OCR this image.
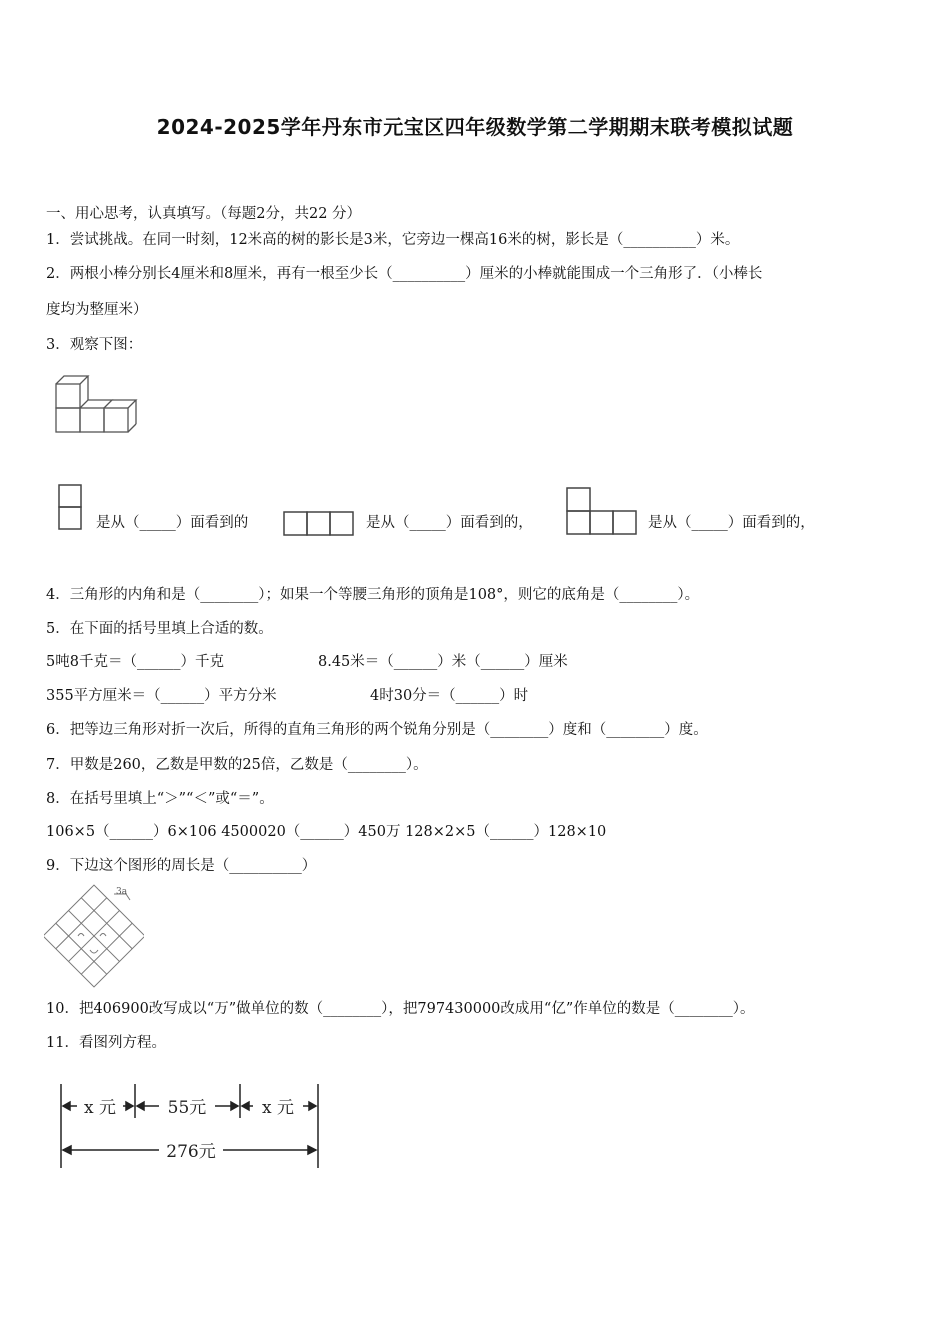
2024-2025学年丹东市元宝区四年级数学第二学期期末联考模拟试题
一、用心思考，认真填写。（每题2分，共22 分）
1．尝试挑战。在同一时刻，12米高的树的影长是3米，它旁边一棵高16米的树，影长是（__________）米。
2．两根小棒分别长4厘米和8厘米，再有一根至少长（__________）厘米的小棒就能围成一个三角形了．（小棒长
度均为整厘米）
3．观察下图：
是从（_____）面看到的	是从（_____）面看到的，	是从（_____）面看到的，
4．三角形的内角和是（________）；如果一个等腰三角形的顶角是108°，则它的底角是（________）。
5．在下面的括号里填上合适的数。
5吨8千克＝（______）千克	8.45米＝（______）米（______）厘米
355平方厘米＝（______）平方分米	4时30分＝（______）时
6．把等边三角形对折一次后，所得的直角三角形的两个锐角分别是（________）度和（________）度。
7．甲数是260，乙数是甲数的25倍，乙数是（________）。
8．在括号里填上“＞”“＜”或“＝”。
106×5（______）6×106 4500020（______）450万 128×2×5（______）128×10
9．下边这个图形的周长是（__________）
3a
10．把406900改写成以“万”做单位的数（________），把797430000改成用“亿”作单位的数是（________）。
11．看图列方程。
x 元	55元	x 元
276元
